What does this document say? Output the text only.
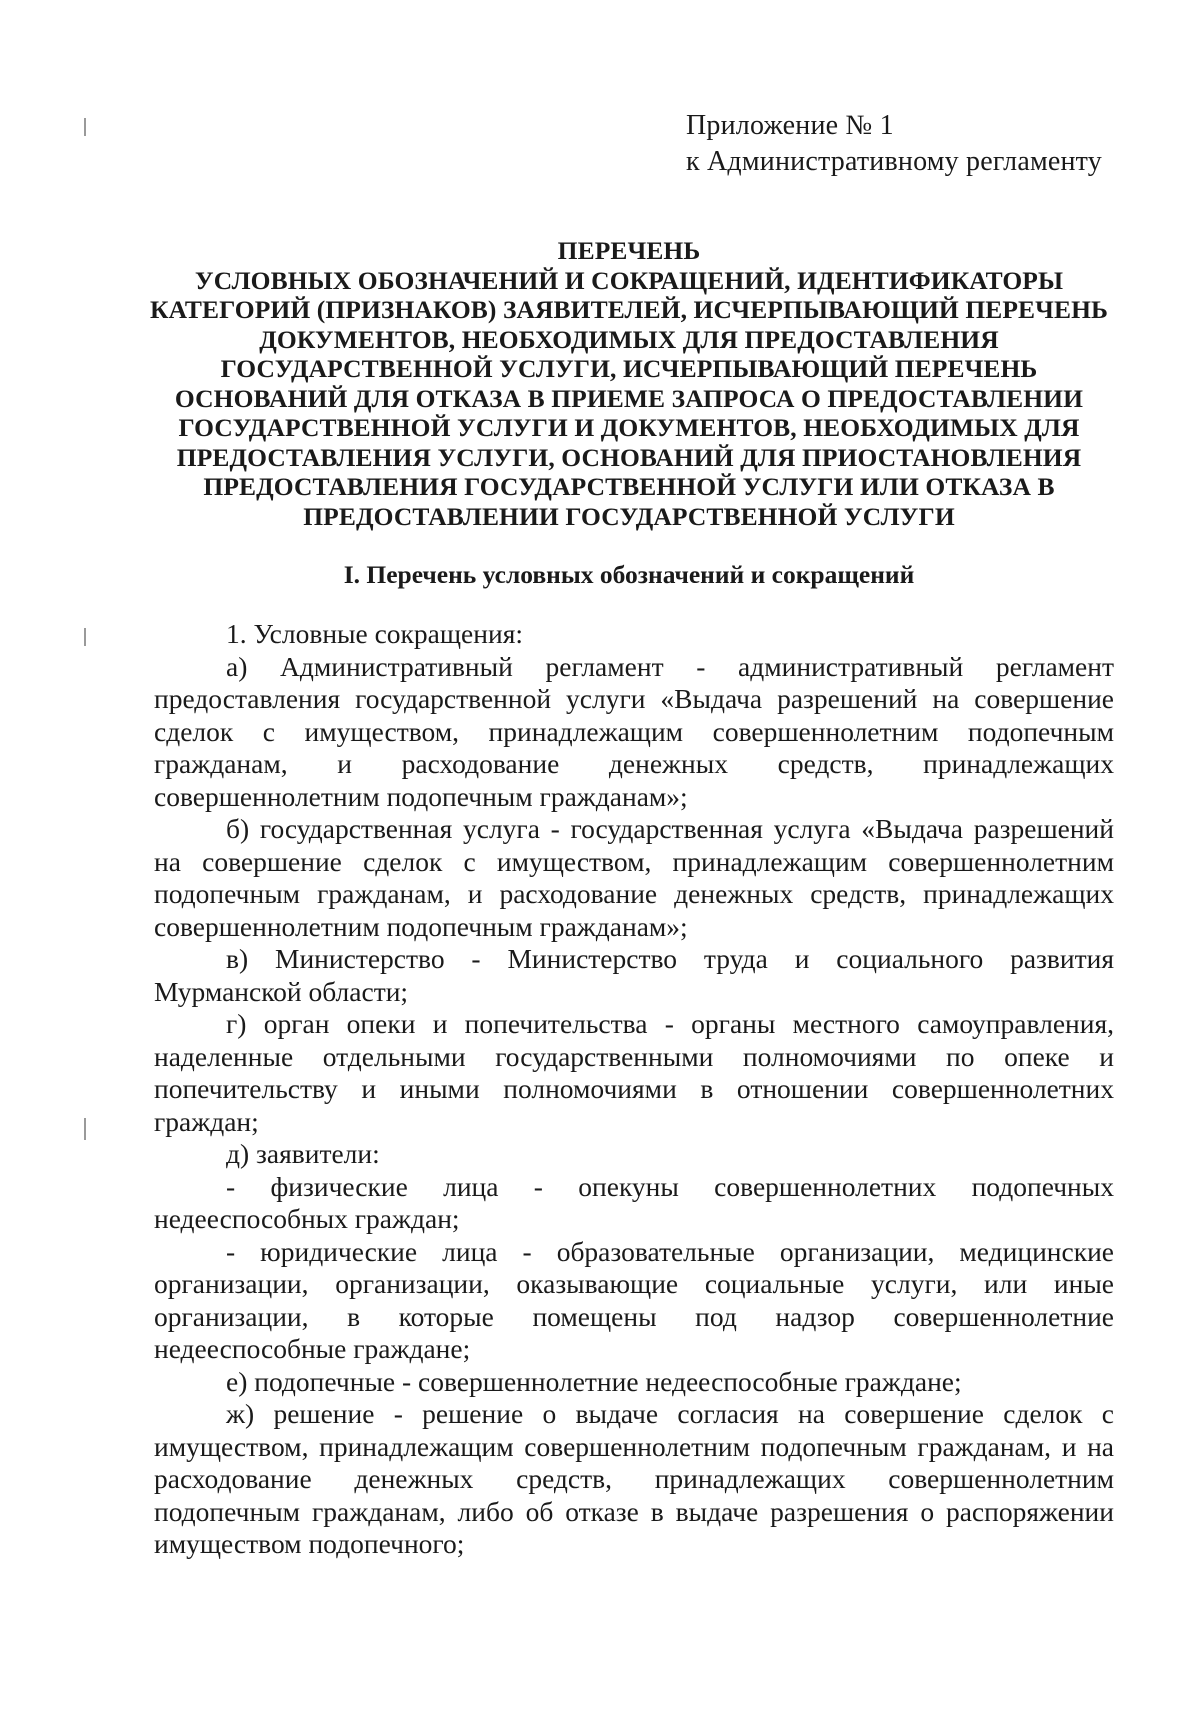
Приложение № 1
к Административному регламенту
ПЕРЕЧЕНЬ
УСЛОВНЫХ ОБОЗНАЧЕНИЙ И СОКРАЩЕНИЙ, ИДЕНТИФИКАТОРЫ
КАТЕГОРИЙ (ПРИЗНАКОВ) ЗАЯВИТЕЛЕЙ, ИСЧЕРПЫВАЮЩИЙ ПЕРЕЧЕНЬ
ДОКУМЕНТОВ, НЕОБХОДИМЫХ ДЛЯ ПРЕДОСТАВЛЕНИЯ
ГОСУДАРСТВЕННОЙ УСЛУГИ, ИСЧЕРПЫВАЮЩИЙ ПЕРЕЧЕНЬ
ОСНОВАНИЙ ДЛЯ ОТКАЗА В ПРИЕМЕ ЗАПРОСА О ПРЕДОСТАВЛЕНИИ
ГОСУДАРСТВЕННОЙ УСЛУГИ И ДОКУМЕНТОВ, НЕОБХОДИМЫХ ДЛЯ
ПРЕДОСТАВЛЕНИЯ УСЛУГИ, ОСНОВАНИЙ ДЛЯ ПРИОСТАНОВЛЕНИЯ
ПРЕДОСТАВЛЕНИЯ ГОСУДАРСТВЕННОЙ УСЛУГИ ИЛИ ОТКАЗА В
ПРЕДОСТАВЛЕНИИ ГОСУДАРСТВЕННОЙ УСЛУГИ
I. Перечень условных обозначений и сокращений

1. Условные сокращения:

а) Административный регламент - административный регламент предоставления государственной услуги «Выдача разрешений на совершение сделок с имуществом, принадлежащим совершеннолетним подопечным гражданам, и расходование денежных средств, принадлежащих совершеннолетним подопечным гражданам»;

б) государственная услуга - государственная услуга «Выдача разрешений на совершение сделок с имуществом, принадлежащим совершеннолетним подопечным гражданам, и расходование денежных средств, принадлежащих совершеннолетним подопечным гражданам»;

в) Министерство - Министерство труда и социального развития Мурманской области;

г) орган опеки и попечительства - органы местного самоуправления, наделенные отдельными государственными полномочиями по опеке и попечительству и иными полномочиями в отношении совершеннолетних граждан;

д) заявители:

- физические лица - опекуны совершеннолетних подопечных недееспособных граждан;

- юридические лица - образовательные организации, медицинские организации, организации, оказывающие социальные услуги, или иные организации, в которые помещены под надзор совершеннолетние недееспособные граждане;

е) подопечные - совершеннолетние недееспособные граждане;

ж) решение - решение о выдаче согласия на совершение сделок с имуществом, принадлежащим совершеннолетним подопечным гражданам, и на расходование денежных средств, принадлежащих совершеннолетним подопечным гражданам, либо об отказе в выдаче разрешения о распоряжении имуществом подопечного;
